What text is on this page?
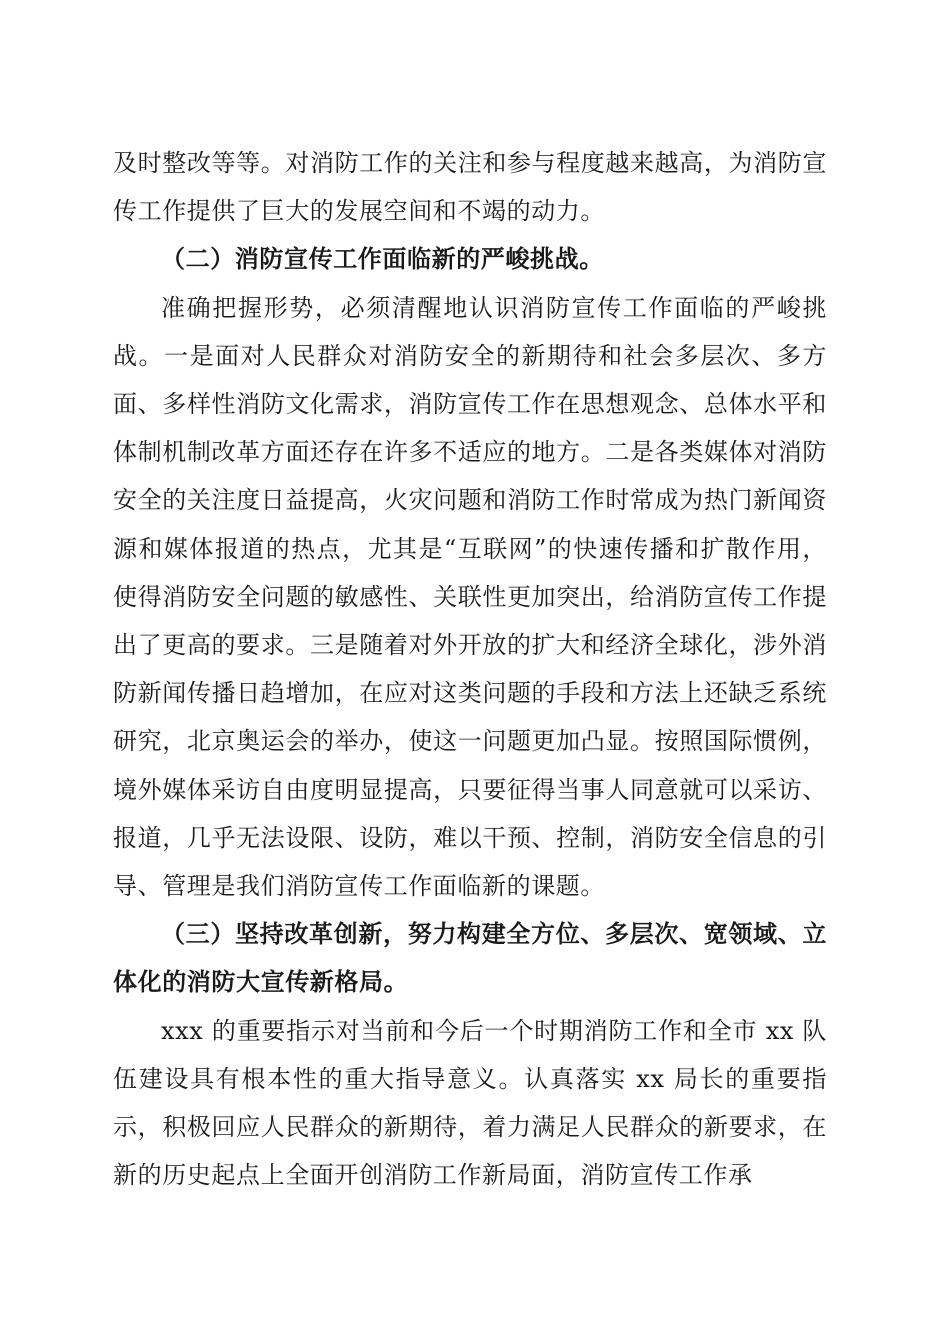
及时整改等等。对消防工作的关注和参与程度越来越高，为消防宣传工作提供了巨大的发展空间和不竭的动力。

（二）消防宣传工作面临新的严峻挑战。

准确把握形势，必须清醒地认识消防宣传工作面临的严峻挑战。一是面对人民群众对消防安全的新期待和社会多层次、多方面、多样性消防文化需求，消防宣传工作在思想观念、总体水平和体制机制改革方面还存在许多不适应的地方。二是各类媒体对消防安全的关注度日益提高，火灾问题和消防工作时常成为热门新闻资源和媒体报道的热点，尤其是“互联网”的快速传播和扩散作用，使得消防安全问题的敏感性、关联性更加突出，给消防宣传工作提出了更高的要求。三是随着对外开放的扩大和经济全球化，涉外消防新闻传播日趋增加，在应对这类问题的手段和方法上还缺乏系统研究，北京奥运会的举办，使这一问题更加凸显。按照国际惯例，境外媒体采访自由度明显提高，只要征得当事人同意就可以采访、报道，几乎无法设限、设防，难以干预、控制，消防安全信息的引导、管理是我们消防宣传工作面临新的课题。

（三）坚持改革创新，努力构建全方位、多层次、宽领域、立体化的消防大宣传新格局。

xxx 的重要指示对当前和今后一个时期消防工作和全市 xx 队伍建设具有根本性的重大指导意义。认真落实 xx 局长的重要指示，积极回应人民群众的新期待，着力满足人民群众的新要求，在新的历史起点上全面开创消防工作新局面，消防宣传工作承
